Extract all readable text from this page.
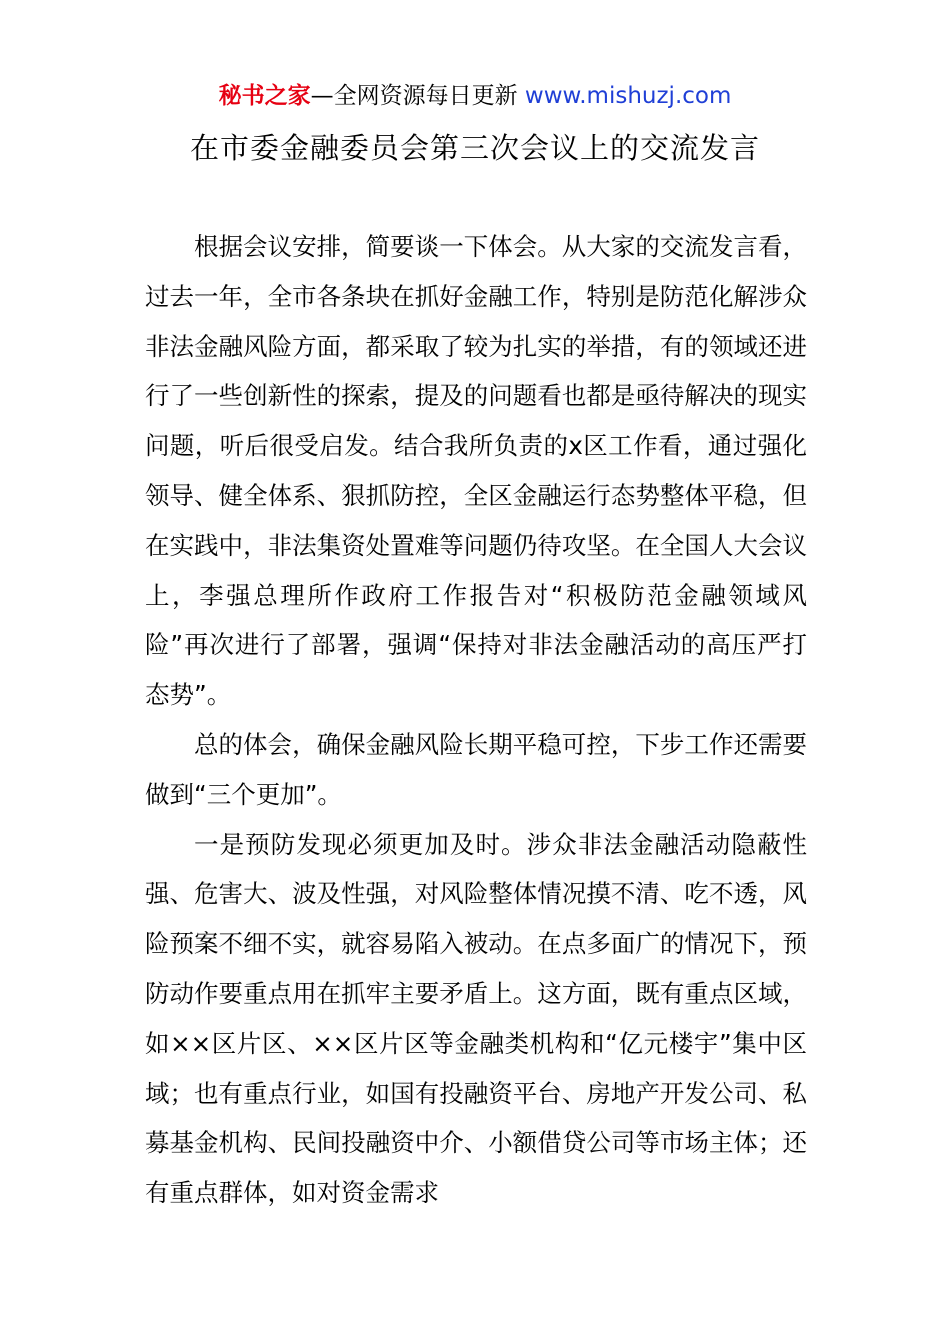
秘书之家—全网资源每日更新 www.mishuzj.com
在市委金融委员会第三次会议上的交流发言

根据会议安排，简要谈一下体会。从大家的交流发言看，过去一年，全市各条块在抓好金融工作，特别是防范化解涉众非法金融风险方面，都采取了较为扎实的举措，有的领域还进行了一些创新性的探索，提及的问题看也都是亟待解决的现实问题，听后很受启发。结合我所负责的x区工作看，通过强化领导、健全体系、狠抓防控，全区金融运行态势整体平稳，但在实践中，非法集资处置难等问题仍待攻坚。在全国人大会议上，李强总理所作政府工作报告对“积极防范金融领域风险”再次进行了部署，强调“保持对非法金融活动的高压严打态势”。

总的体会，确保金融风险长期平稳可控，下步工作还需要做到“三个更加”。

一是预防发现必须更加及时。涉众非法金融活动隐蔽性强、危害大、波及性强，对风险整体情况摸不清、吃不透，风险预案不细不实，就容易陷入被动。在点多面广的情况下，预防动作要重点用在抓牢主要矛盾上。这方面，既有重点区域，如××区片区、××区片区等金融类机构和“亿元楼宇”集中区域；也有重点行业，如国有投融资平台、房地产开发公司、私募基金机构、民间投融资中介、小额借贷公司等市场主体；还有重点群体，如对资金需求
